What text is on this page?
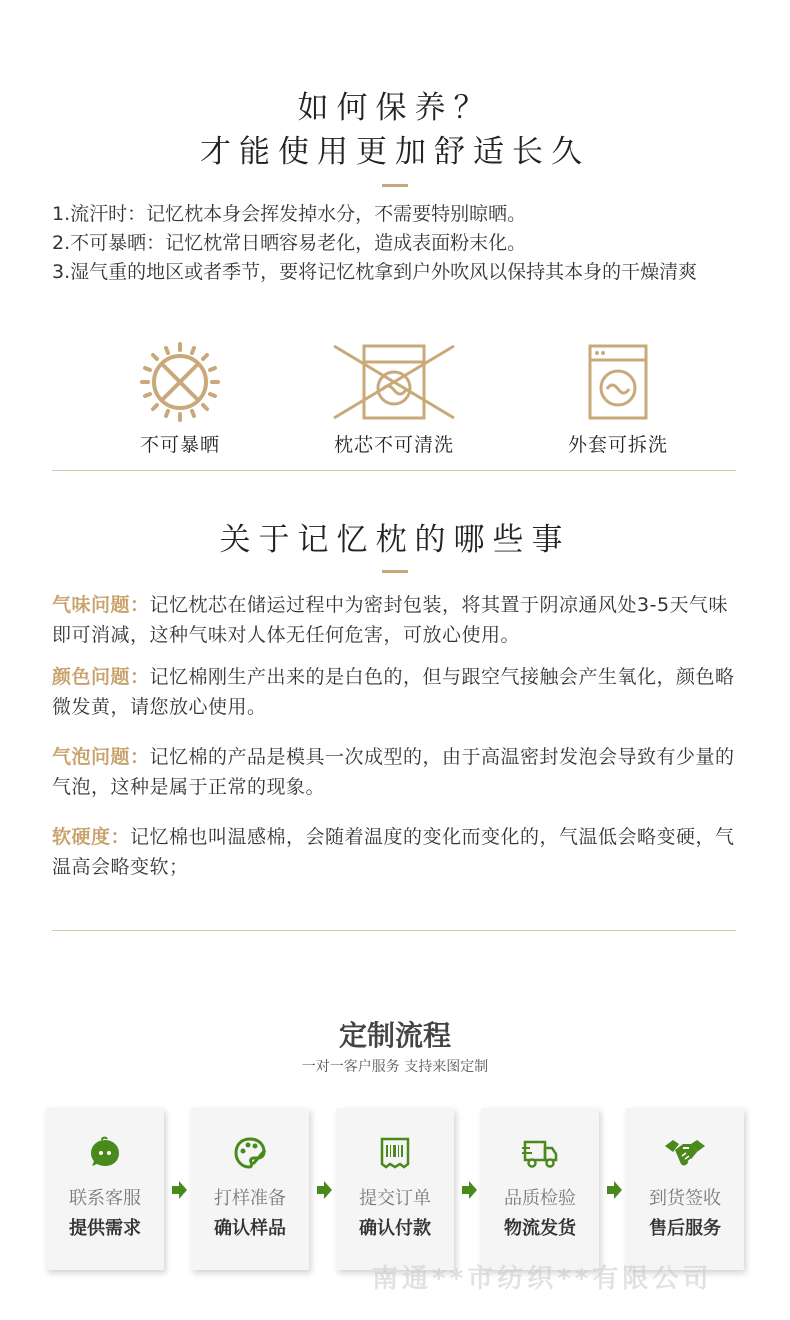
如何保养？
才能使用更加舒适长久
1.流汗时：记忆枕本身会挥发掉水分，不需要特别晾晒。
2.不可暴晒：记忆枕常日晒容易老化，造成表面粉末化。
3.湿气重的地区或者季节，要将记忆枕拿到户外吹风以保持其本身的干燥清爽
不可暴晒	枕芯不可清洗	外套可拆洗
关于记忆枕的哪些事
气味问题：记忆枕芯在储运过程中为密封包装，将其置于阴凉通风处3-5天气味即可消减，这种气味对人体无任何危害，可放心使用。
颜色问题：记忆棉刚生产出来的是白色的，但与跟空气接触会产生氧化，颜色略微发黄，请您放心使用。
气泡问题：记忆棉的产品是模具一次成型的，由于高温密封发泡会导致有少量的气泡，这种是属于正常的现象。
软硬度：记忆棉也叫温感棉，会随着温度的变化而变化的，气温低会略变硬，气温高会略变软；
定制流程
一对一客户服务 支持来图定制
联系客服
提供需求
打样准备
确认样品
提交订单
确认付款
品质检验
物流发货
到货签收
售后服务
南通**市纺织**有限公司
